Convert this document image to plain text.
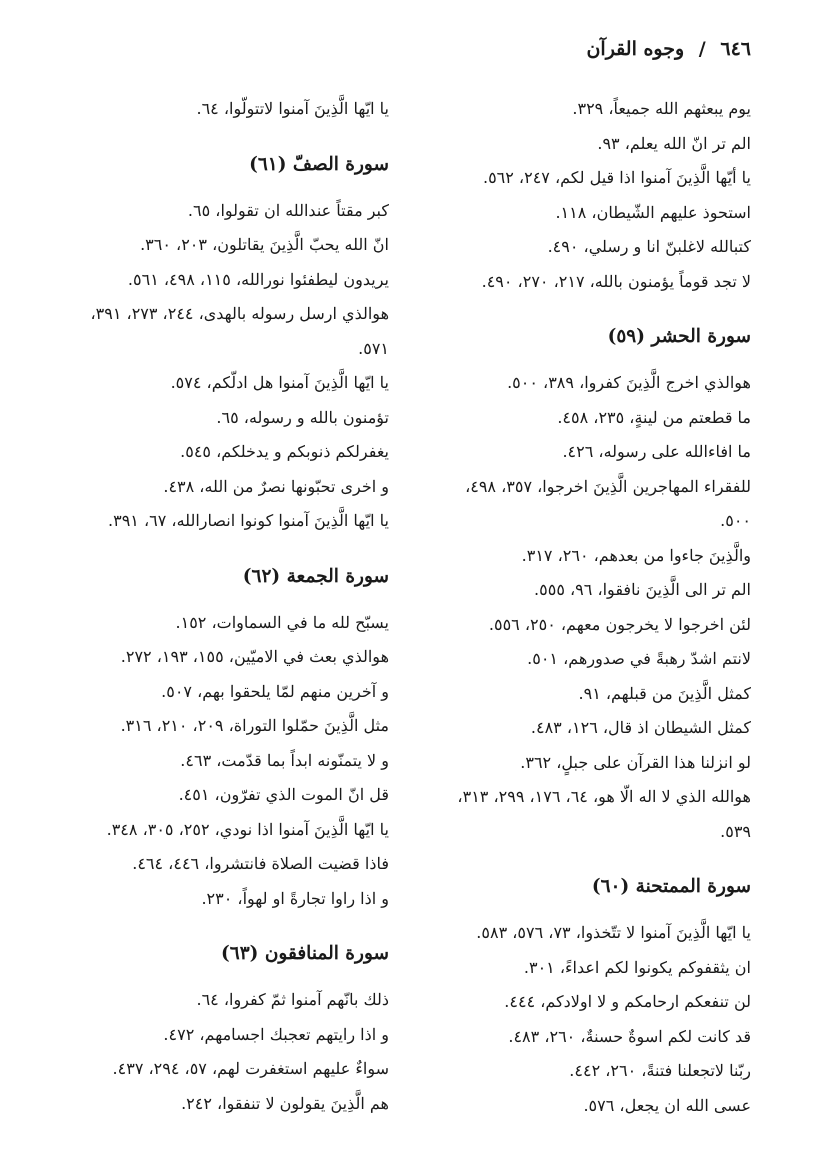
٦٤٦ / وجوه القرآن
يوم يبعثهم الله جميعاً، ٣٢٩.
الم تر انّ الله يعلم، ٩٣.
يا أيّها الَّذِينَ آمنوا اذا قيل لكم، ٢٤٧، ٥٦٢.
استحوذ عليهم الشّيطان، ١١٨.
كتبالله لاغلبنّ انا و رسلي، ٤٩٠.
لا تجد قوماً يؤمنون بالله، ٢١٧، ٢٧٠، ٤٩٠.
سورة الحشر (٥٩)
هوالذي اخرج الَّذِينَ كفروا، ٣٨٩، ٥٠٠.
ما قطعتم من لينةٍ، ٢٣٥، ٤٥٨.
ما افاءالله على رسوله، ٤٢٦.
للفقراء المهاجرين الَّذِينَ اخرجوا، ٣٥٧، ٤٩٨،
٥٠٠.
والَّذِينَ جاءوا من بعدهم، ٢٦٠، ٣١٧.
الم تر الى الَّذِينَ نافقوا، ٩٦، ٥٥٥.
لئن اخرجوا لا يخرجون معهم، ٢٥٠، ٥٥٦.
لانتم اشدّ رهبةً في صدورهم، ٥٠١.
كمثل الَّذِينَ من قبلهم، ٩١.
كمثل الشيطان اذ قال، ١٢٦، ٤٨٣.
لو انزلنا هذا القرآن على جبلٍ، ٣٦٢.
هوالله الذي لا اله الّا هو، ٦٤، ١٧٦، ٢٩٩، ٣١٣،
٥٣٩.
سورة الممتحنة (٦٠)
يا ايّها الَّذِينَ آمنوا لا تتّخذوا، ٧٣، ٥٧٦، ٥٨٣.
ان يثقفوكم يكونوا لكم اعداءً، ٣٠١.
لن تنفعكم ارحامكم و لا اولادكم، ٤٤٤.
قد كانت لكم اسوةٌ حسنةٌ، ٢٦٠، ٤٨٣.
ربّنا لاتجعلنا فتنةً، ٢٦٠، ٤٤٢.
عسى الله ان يجعل، ٥٧٦.
يا ايّها الَّذِينَ آمنوا لاتتولّوا، ٦٤.
سورة الصفّ (٦١)
كبر مقتاً عندالله ان تقولوا، ٦٥.
انّ الله يحبّ الَّذِينَ يقاتلون، ٢٠٣، ٣٦٠.
يريدون ليطفئوا نورالله، ١١٥، ٤٩٨، ٥٦١.
هوالذي ارسل رسوله بالهدى، ٢٤٤، ٢٧٣، ٣٩١،
٥٧١.
يا ايّها الَّذِينَ آمنوا هل ادلّكم، ٥٧٤.
تؤمنون بالله و رسوله، ٦٥.
يغفرلكم ذنوبكم و يدخلكم، ٥٤٥.
و اخرى تحبّونها نصرٌ من الله، ٤٣٨.
يا ايّها الَّذِينَ آمنوا كونوا انصارالله، ٦٧، ٣٩١.
سورة الجمعة (٦٢)
يسبّح لله ما في السماوات، ١٥٢.
هوالذي بعث في الاميّين، ١٥٥، ١٩٣، ٢٧٢.
و آخرين منهم لمّا يلحقوا بهم، ٥٠٧.
مثل الَّذِينَ حمّلوا التوراة، ٢٠٩، ٢١٠، ٣١٦.
و لا يتمنّونه ابداً بما قدّمت، ٤٦٣.
قل انّ الموت الذي تفرّون، ٤٥١.
يا ايّها الَّذِينَ آمنوا اذا نودي، ٢٥٢، ٣٠٥، ٣٤٨.
فاذا قضيت الصلاة فانتشروا، ٤٤٦، ٤٦٤.
و اذا راوا تجارةً او لهواً، ٢٣٠.
سورة المنافقون (٦٣)
ذلك بانّهم آمنوا ثمّ كفروا، ٦٤.
و اذا رايتهم تعجبك اجسامهم، ٤٧٢.
سواءٌ عليهم استغفرت لهم، ٥٧، ٢٩٤، ٤٣٧.
هم الَّذِينَ يقولون لا تنفقوا، ٢٤٢.
